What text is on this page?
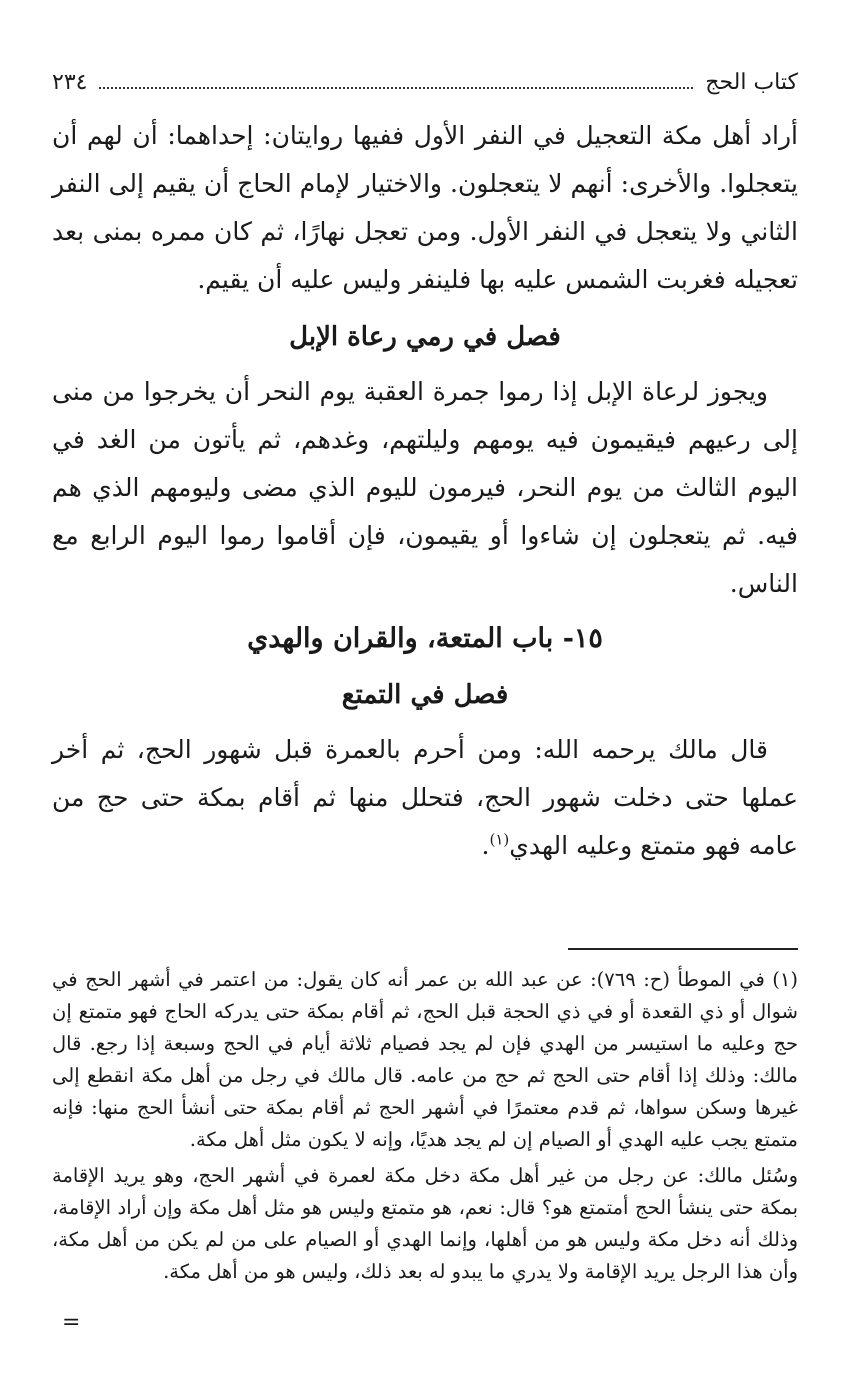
كتاب الحج
٢٣٤

أراد أهل مكة التعجيل في النفر الأول ففيها روايتان: إحداهما: أن لهم أن يتعجلوا. والأخرى: أنهم لا يتعجلون. والاختيار لإمام الحاج أن يقيم إلى النفر الثاني ولا يتعجل في النفر الأول. ومن تعجل نهارًا، ثم كان ممره بمنى بعد تعجيله فغربت الشمس عليه بها فلينفر وليس عليه أن يقيم.

فصل في رمي رعاة الإبل

ويجوز لرعاة الإبل إذا رموا جمرة العقبة يوم النحر أن يخرجوا من منى إلى رعيهم فيقيمون فيه يومهم وليلتهم، وغدهم، ثم يأتون من الغد في اليوم الثالث من يوم النحر، فيرمون لليوم الذي مضى وليومهم الذي هم فيه. ثم يتعجلون إن شاءوا أو يقيمون، فإن أقاموا رموا اليوم الرابع مع الناس.

١٥- باب المتعة، والقران والهدي
فصل في التمتع

قال مالك يرحمه الله: ومن أحرم بالعمرة قبل شهور الحج، ثم أخر عملها حتى دخلت شهور الحج، فتحلل منها ثم أقام بمكة حتى حج من عامه فهو متمتع وعليه الهدي$^{(١)}$.

(١) في الموطأ (ح: ٧٦٩): عن عبد الله بن عمر أنه كان يقول: من اعتمر في أشهر الحج في شوال أو ذي القعدة أو في ذي الحجة قبل الحج، ثم أقام بمكة حتى يدركه الحاج فهو متمتع إن حج وعليه ما استيسر من الهدي فإن لم يجد فصيام ثلاثة أيام في الحج وسبعة إذا رجع. قال مالك: وذلك إذا أقام حتى الحج ثم حج من عامه. قال مالك في رجل من أهل مكة انقطع إلى غيرها وسكن سواها، ثم قدم معتمرًا في أشهر الحج ثم أقام بمكة حتى أنشأ الحج منها: فإنه متمتع يجب عليه الهدي أو الصيام إن لم يجد هديًا، وإنه لا يكون مثل أهل مكة.

وسُئل مالك: عن رجل من غير أهل مكة دخل مكة لعمرة في أشهر الحج، وهو يريد الإقامة بمكة حتى ينشأ الحج أمتمتع هو؟ قال: نعم، هو متمتع وليس هو مثل أهل مكة وإن أراد الإقامة، وذلك أنه دخل مكة وليس هو من أهلها، وإنما الهدي أو الصيام على من لم يكن من أهل مكة، وأن هذا الرجل يريد الإقامة ولا يدري ما يبدو له بعد ذلك، وليس هو من أهل مكة.

=
